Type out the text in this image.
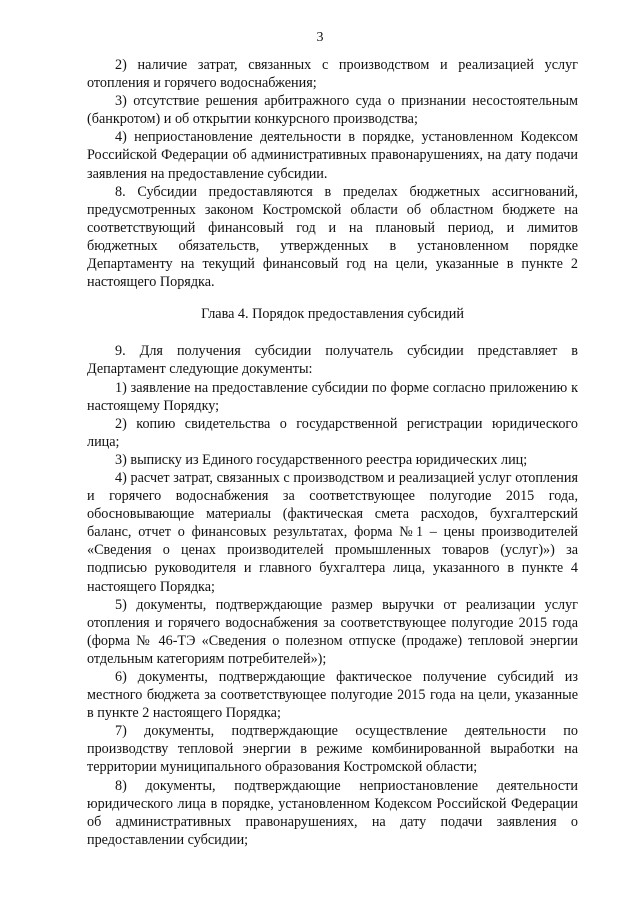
3

2) наличие затрат, связанных с производством и реализацией услуг отопления и горячего водоснабжения;

3) отсутствие решения арбитражного суда о признании несостоятельным (банкротом) и об открытии конкурсного производства;

4) неприостановление деятельности в порядке, установленном Кодексом Российской Федерации об административных правонарушениях, на дату подачи заявления на предоставление субсидии.

8. Субсидии предоставляются в пределах бюджетных ассигнований, предусмотренных законом Костромской области об областном бюджете на соответствующий финансовый год и на плановый период, и лимитов бюджетных обязательств, утвержденных в установленном порядке Департаменту на текущий финансовый год на цели, указанные в пункте 2 настоящего Порядка.

Глава 4. Порядок предоставления субсидий

9. Для получения субсидии получатель субсидии представляет в Департамент следующие документы:

1) заявление на предоставление субсидии по форме согласно приложению к настоящему Порядку;

2) копию свидетельства о государственной регистрации юридического лица;

3) выписку из Единого государственного реестра юридических лиц;

4) расчет затрат, связанных с производством и реализацией услуг отопления и горячего водоснабжения за соответствующее полугодие 2015 года, обосновывающие материалы (фактическая смета расходов, бухгалтерский баланс, отчет о финансовых результатах, форма №1 – цены производителей «Сведения о ценах производителей промышленных товаров (услуг)») за подписью руководителя и главного бухгалтера лица, указанного в пункте 4 настоящего Порядка;

5) документы, подтверждающие размер выручки от реализации услуг отопления и горячего водоснабжения за соответствующее полугодие 2015 года (форма № 46-ТЭ «Сведения о полезном отпуске (продаже) тепловой энергии отдельным категориям потребителей»);

6) документы, подтверждающие фактическое получение субсидий из местного бюджета за соответствующее полугодие 2015 года на цели, указанные в пункте 2 настоящего Порядка;

7) документы, подтверждающие осуществление деятельности по производству тепловой энергии в режиме комбинированной выработки на территории муниципального образования Костромской области;

8) документы, подтверждающие неприостановление деятельности юридического лица в порядке, установленном Кодексом Российской Федерации об административных правонарушениях, на дату подачи заявления о предоставлении субсидии;
